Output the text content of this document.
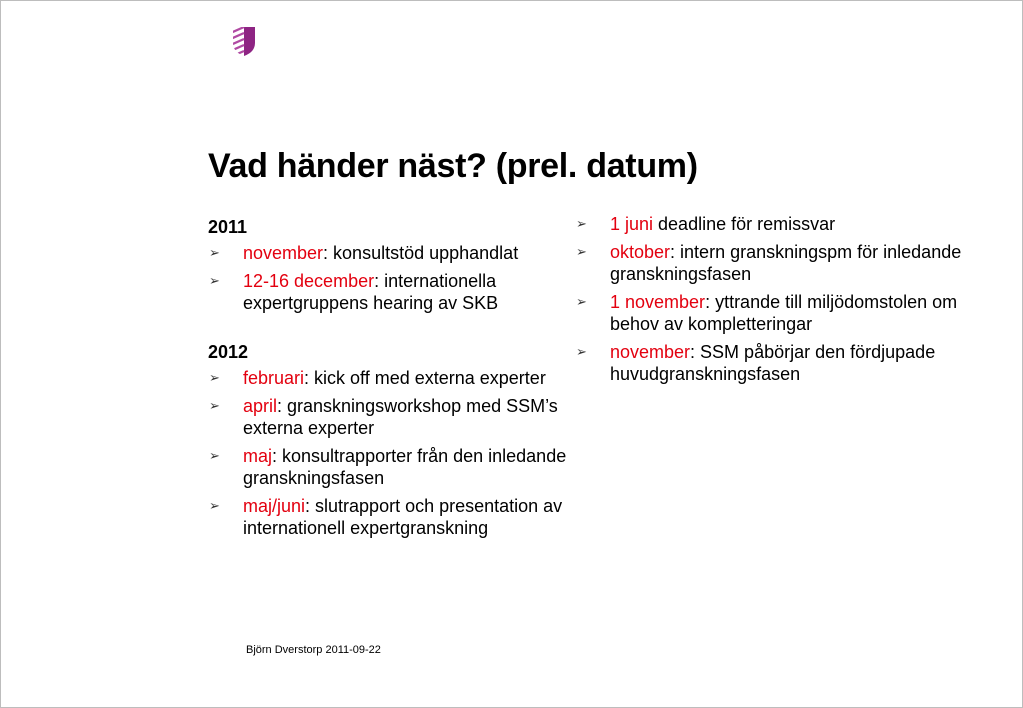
Vad händer näst? (prel. datum)
2011
➢ november: konsultstöd upphandlat
➢ 12-16 december: internationella expertgruppens hearing av SKB
2012
➢ februari: kick off med externa experter
➢ april: granskningsworkshop med SSM’s externa experter
➢ maj: konsultrapporter från den inledande granskningsfasen
➢ maj/juni: slutrapport och presentation av internationell expertgranskning
➢ 1 juni deadline för remissvar
➢ oktober: intern granskningspm för inledande granskningsfasen
➢ 1 november: yttrande till miljödomstolen om behov av kompletteringar
➢ november: SSM påbörjar den fördjupade huvudgranskningsfasen
Björn Dverstorp 2011-09-22
